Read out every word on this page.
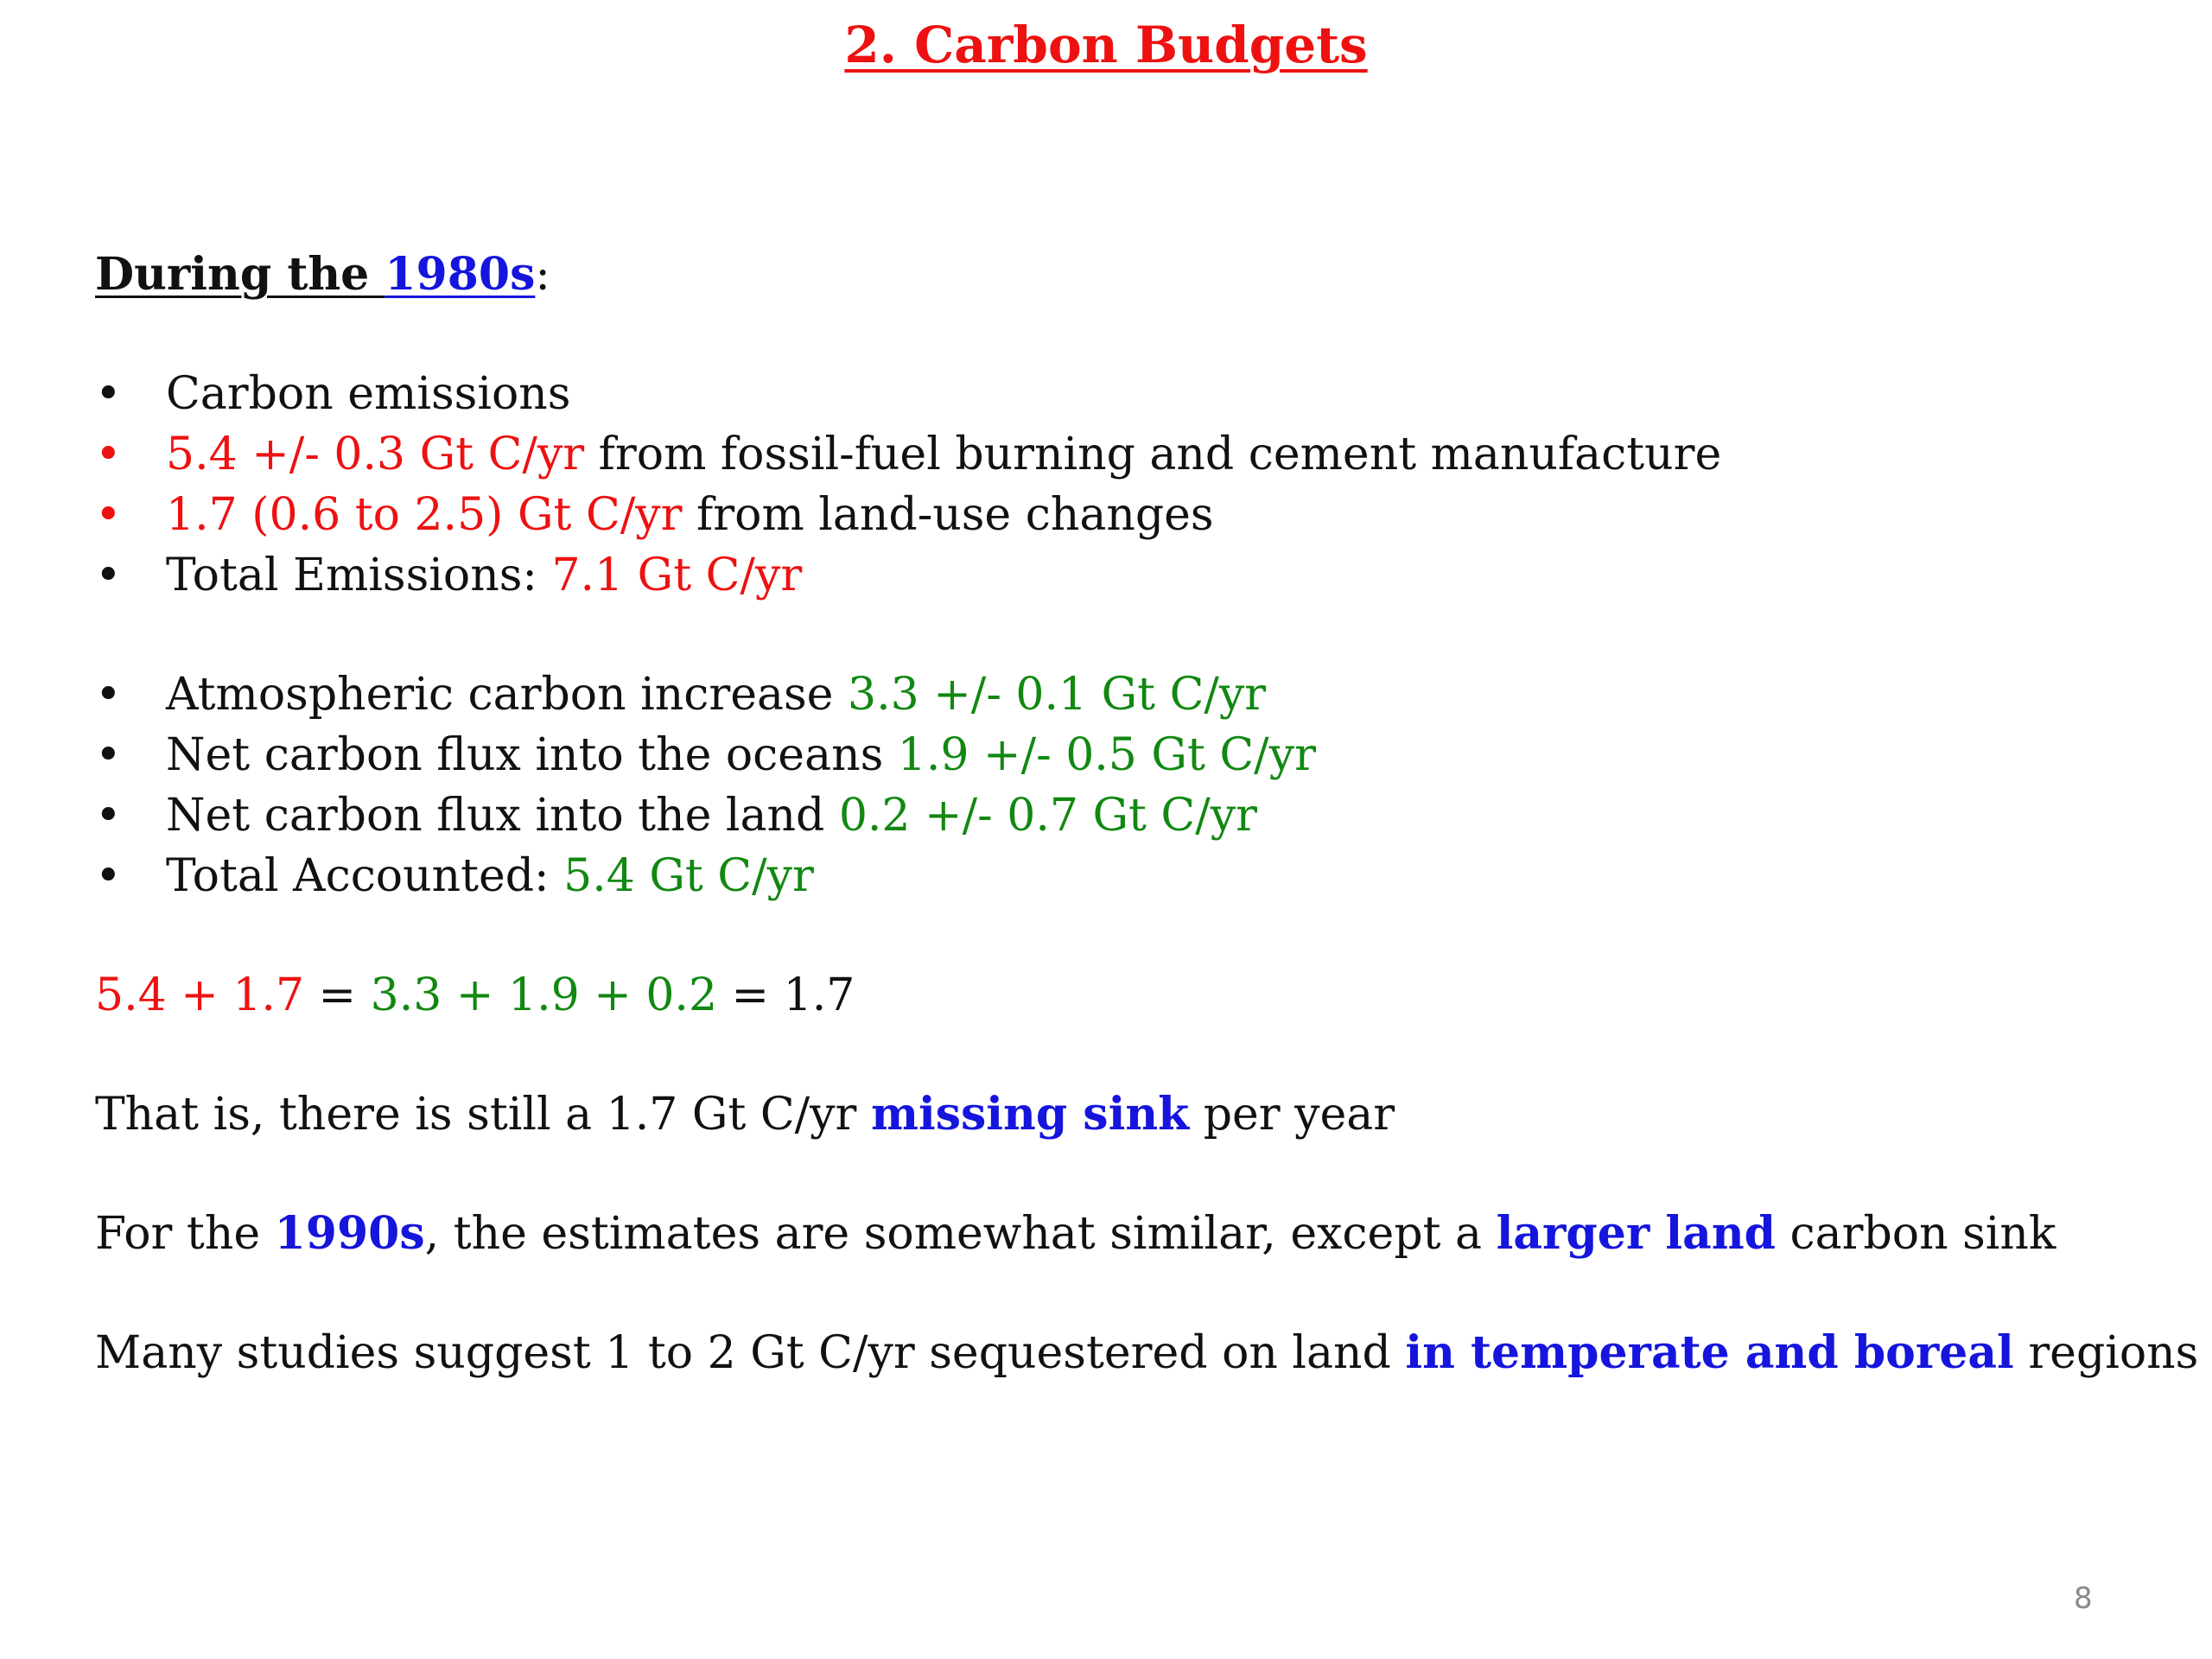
2. Carbon Budgets
During the 1980s:
• Carbon emissions
• 5.4 +/- 0.3 Gt C/yr from fossil-fuel burning and cement manufacture
• 1.7 (0.6 to 2.5) Gt C/yr from land-use changes
• Total Emissions: 7.1 Gt C/yr
• Atmospheric carbon increase 3.3 +/- 0.1 Gt C/yr
• Net carbon flux into the oceans 1.9 +/- 0.5 Gt C/yr
• Net carbon flux into the land 0.2 +/- 0.7 Gt C/yr
• Total Accounted: 5.4 Gt C/yr
5.4 + 1.7 = 3.3 + 1.9 + 0.2 = 1.7
That is, there is still a 1.7 Gt C/yr missing sink per year
For the 1990s, the estimates are somewhat similar, except a larger land carbon sink
Many studies suggest 1 to 2 Gt C/yr sequestered on land in temperate and boreal regions
8
